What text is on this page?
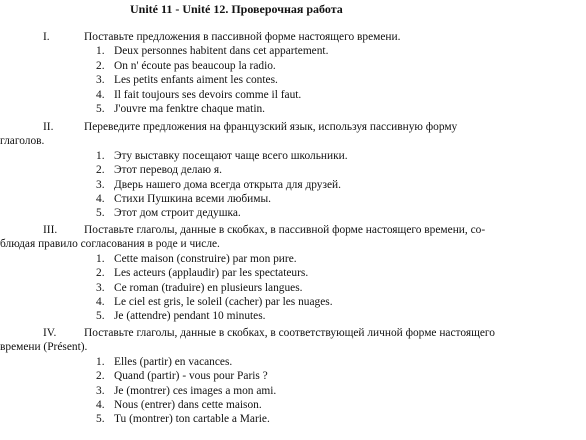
Unité 11 - Unité 12. Проверочная работа
I.	Поставьте предложения в пассивной форме настоящего времени.
1. Deux personnes habitent dans cet appartement.
2. On n' écoute pas beaucoup la radio.
3. Les petits enfants aiment les contes.
4. Il fait toujours ses devoirs comme il faut.
5. J'ouvre ma fenktre chaque matin.
II.	Переведите предложения на французский язык, используя пассивную форму
глаголов.
1. Эту выставку посещают чаще всего школьники.
2. Этот перевод делаю я.
3. Дверь нашего дома всегда открыта для друзей.
4. Стихи Пушкина всеми любимы.
5. Этот дом строит дедушка.
III. Поставьте глаголы, данные в скобках, в пассивной форме настоящего времени, со-
блюдая правило согласования в роде и числе.
1. Cette maison (construire) par mon pиre.
2. Les acteurs (applaudir) par les spectateurs.
3. Ce roman (traduire) en plusieurs langues.
4. Le ciel est gris, le soleil (cacher) par les nuages.
5. Je (attendre) pendant 10 minutes.
IV. Поставьте глаголы, данные в скобках, в соответствующей личной форме настоящего
времени (Présent).
1. Elles (partir) en vacances.
2. Quand (partir) - vous pour Paris ?
3. Je (montrer) ces images a mon ami.
4. Nous (entrer) dans cette maison.
5. Tu (montrer) ton cartable a Marie.
